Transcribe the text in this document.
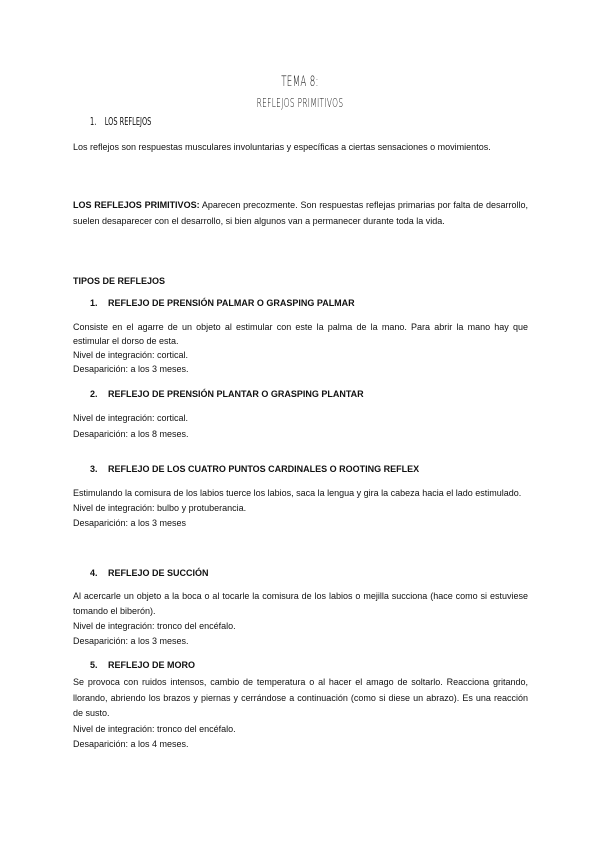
TEMA 8:
REFLEJOS PRIMITIVOS
1. LOS REFLEJOS
Los reflejos son respuestas musculares involuntarias y específicas a ciertas sensaciones o movimientos.
LOS REFLEJOS PRIMITIVOS: Aparecen precozmente. Son respuestas reflejas primarias por falta de desarrollo, suelen desaparecer con el desarrollo, si bien algunos van a permanecer durante toda la vida.
TIPOS DE REFLEJOS
1. REFLEJO DE PRENSIÓN PALMAR O GRASPING PALMAR
Consiste en el agarre de un objeto al estimular con este la palma de la mano. Para abrir la mano hay que estimular el dorso de esta.
Nivel de integración: cortical.
Desaparición: a los 3 meses.
2. REFLEJO DE PRENSIÓN PLANTAR O GRASPING PLANTAR
Nivel de integración: cortical.
Desaparición: a los 8 meses.
3. REFLEJO DE LOS CUATRO PUNTOS CARDINALES O ROOTING REFLEX
Estimulando la comisura de los labios tuerce los labios, saca la lengua y gira la cabeza hacia el lado estimulado.
Nivel de integración: bulbo y protuberancia.
Desaparición: a los 3 meses
4. REFLEJO DE SUCCIÓN
Al acercarle un objeto a la boca o al tocarle la comisura de los labios o mejilla succiona (hace como si estuviese tomando el biberón).
Nivel de integración: tronco del encéfalo.
Desaparición: a los 3 meses.
5. REFLEJO DE MORO
Se provoca con ruidos intensos, cambio de temperatura o al hacer el amago de soltarlo. Reacciona gritando, llorando, abriendo los brazos y piernas y cerrándose a continuación (como si diese un abrazo). Es una reacción de susto.
Nivel de integración: tronco del encéfalo.
Desaparición: a los 4 meses.
